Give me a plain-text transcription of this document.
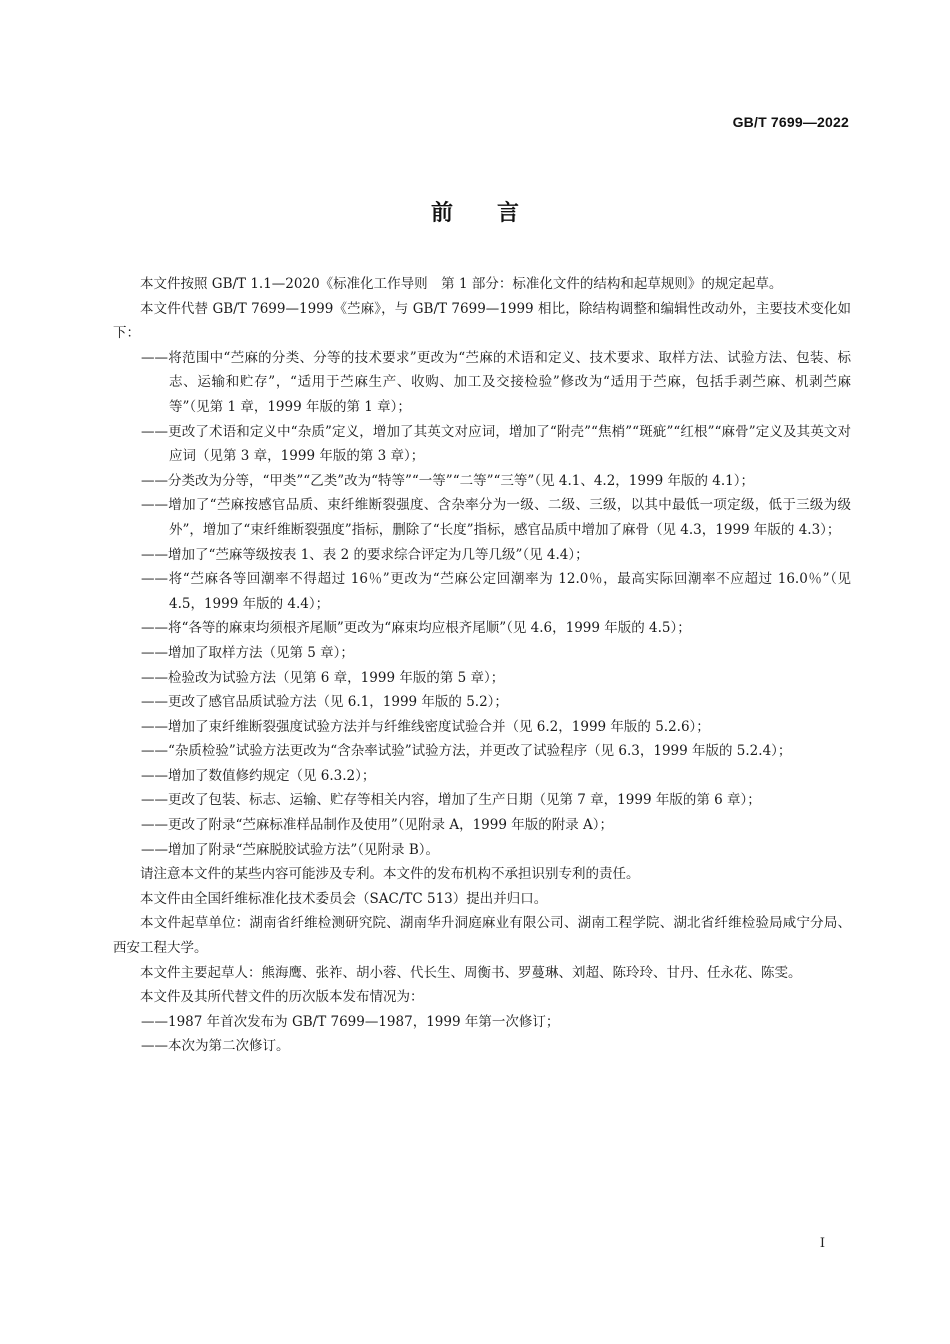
GB/T 7699—2022
前言

本文件按照 GB/T 1.1—2020《标准化工作导则　第 1 部分：标准化文件的结构和起草规则》的规定起草。

本文件代替 GB/T 7699—1999《苎麻》，与 GB/T 7699—1999 相比，除结构调整和编辑性改动外，主要技术变化如下：

——将范围中“苎麻的分类、分等的技术要求”更改为“苎麻的术语和定义、技术要求、取样方法、试验方法、包装、标志、运输和贮存”，“适用于苎麻生产、收购、加工及交接检验”修改为“适用于苎麻，包括手剥苎麻、机剥苎麻等”（见第 1 章，1999 年版的第 1 章）；

——更改了术语和定义中“杂质”定义，增加了其英文对应词，增加了“附壳”“焦梢”“斑疵”“红根”“麻骨”定义及其英文对应词（见第 3 章，1999 年版的第 3 章）；

——分类改为分等，“甲类”“乙类”改为“特等”“一等”“二等”“三等”（见 4.1、4.2，1999 年版的 4.1）；

——增加了“苎麻按感官品质、束纤维断裂强度、含杂率分为一级、二级、三级，以其中最低一项定级，低于三级为级外”，增加了“束纤维断裂强度”指标，删除了“长度”指标，感官品质中增加了麻骨（见 4.3，1999 年版的 4.3）；

——增加了“苎麻等级按表 1、表 2 的要求综合评定为几等几级”（见 4.4）；

——将“苎麻各等回潮率不得超过 16％”更改为“苎麻公定回潮率为 12.0％，最高实际回潮率不应超过 16.0％”（见 4.5，1999 年版的 4.4）；

——将“各等的麻束均须根齐尾顺”更改为“麻束均应根齐尾顺”（见 4.6，1999 年版的 4.5）；

——增加了取样方法（见第 5 章）；

——检验改为试验方法（见第 6 章，1999 年版的第 5 章）；

——更改了感官品质试验方法（见 6.1，1999 年版的 5.2）；

——增加了束纤维断裂强度试验方法并与纤维线密度试验合并（见 6.2，1999 年版的 5.2.6）；

——“杂质检验”试验方法更改为“含杂率试验”试验方法，并更改了试验程序（见 6.3，1999 年版的 5.2.4）；

——增加了数值修约规定（见 6.3.2）；

——更改了包装、标志、运输、贮存等相关内容，增加了生产日期（见第 7 章，1999 年版的第 6 章）；

——更改了附录“苎麻标准样品制作及使用”（见附录 A，1999 年版的附录 A）；

——增加了附录“苎麻脱胶试验方法”（见附录 B）。

请注意本文件的某些内容可能涉及专利。本文件的发布机构不承担识别专利的责任。

本文件由全国纤维标准化技术委员会（SAC/TC 513）提出并归口。

本文件起草单位：湖南省纤维检测研究院、湖南华升洞庭麻业有限公司、湖南工程学院、湖北省纤维检验局咸宁分局、西安工程大学。

本文件主要起草人：熊海鹰、张祚、胡小蓉、代长生、周衡书、罗蔓琳、刘超、陈玲玲、甘丹、任永花、陈雯。

本文件及其所代替文件的历次版本发布情况为：

——1987 年首次发布为 GB/T 7699—1987，1999 年第一次修订；

——本次为第二次修订。

I
